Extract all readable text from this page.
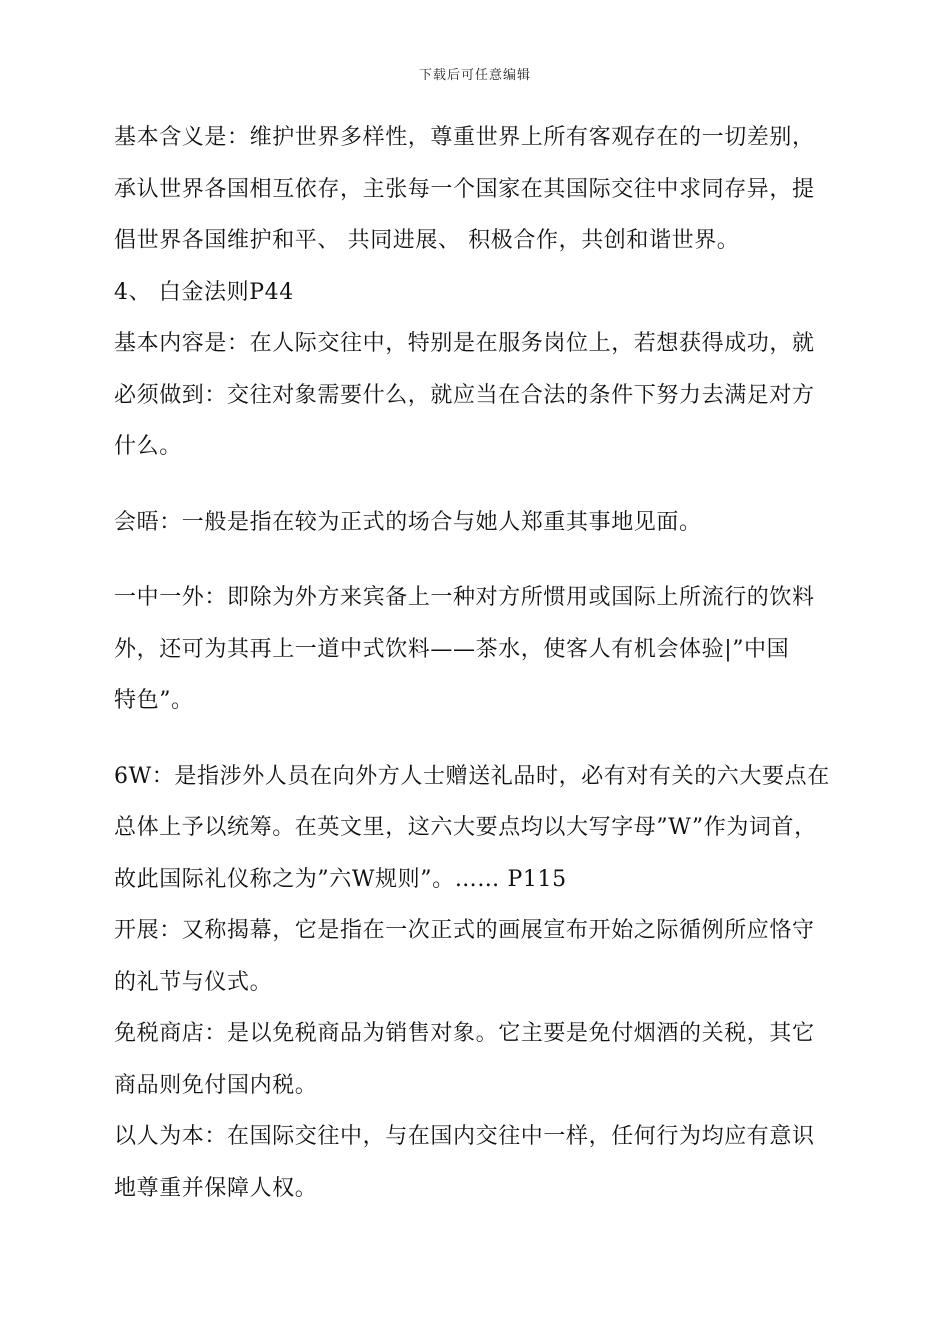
下载后可任意编辑
基本含义是：维护世界多样性，尊重世界上所有客观存在的一切差别，
承认世界各国相互依存，主张每一个国家在其国际交往中求同存异，提
倡世界各国维护和平、 共同进展、 积极合作，共创和谐世界。
4、 白金法则P44
基本内容是：在人际交往中，特别是在服务岗位上，若想获得成功，就
必须做到：交往对象需要什么，就应当在合法的条件下努力去满足对方
什么。
会晤：一般是指在较为正式的场合与她人郑重其事地见面。
一中一外：即除为外方来宾备上一种对方所惯用或国际上所流行的饮料
外，还可为其再上一道中式饮料——茶水，使客人有机会体验|”中国
特色”。
6W：是指涉外人员在向外方人士赠送礼品时，必有对有关的六大要点在
总体上予以统筹。在英文里，这六大要点均以大写字母”W”作为词首，
故此国际礼仪称之为”六W规则”。…… P115
开展：又称揭幕，它是指在一次正式的画展宣布开始之际循例所应恪守
的礼节与仪式。
免税商店：是以免税商品为销售对象。它主要是免付烟酒的关税，其它
商品则免付国内税。
以人为本：在国际交往中，与在国内交往中一样，任何行为均应有意识
地尊重并保障人权。
